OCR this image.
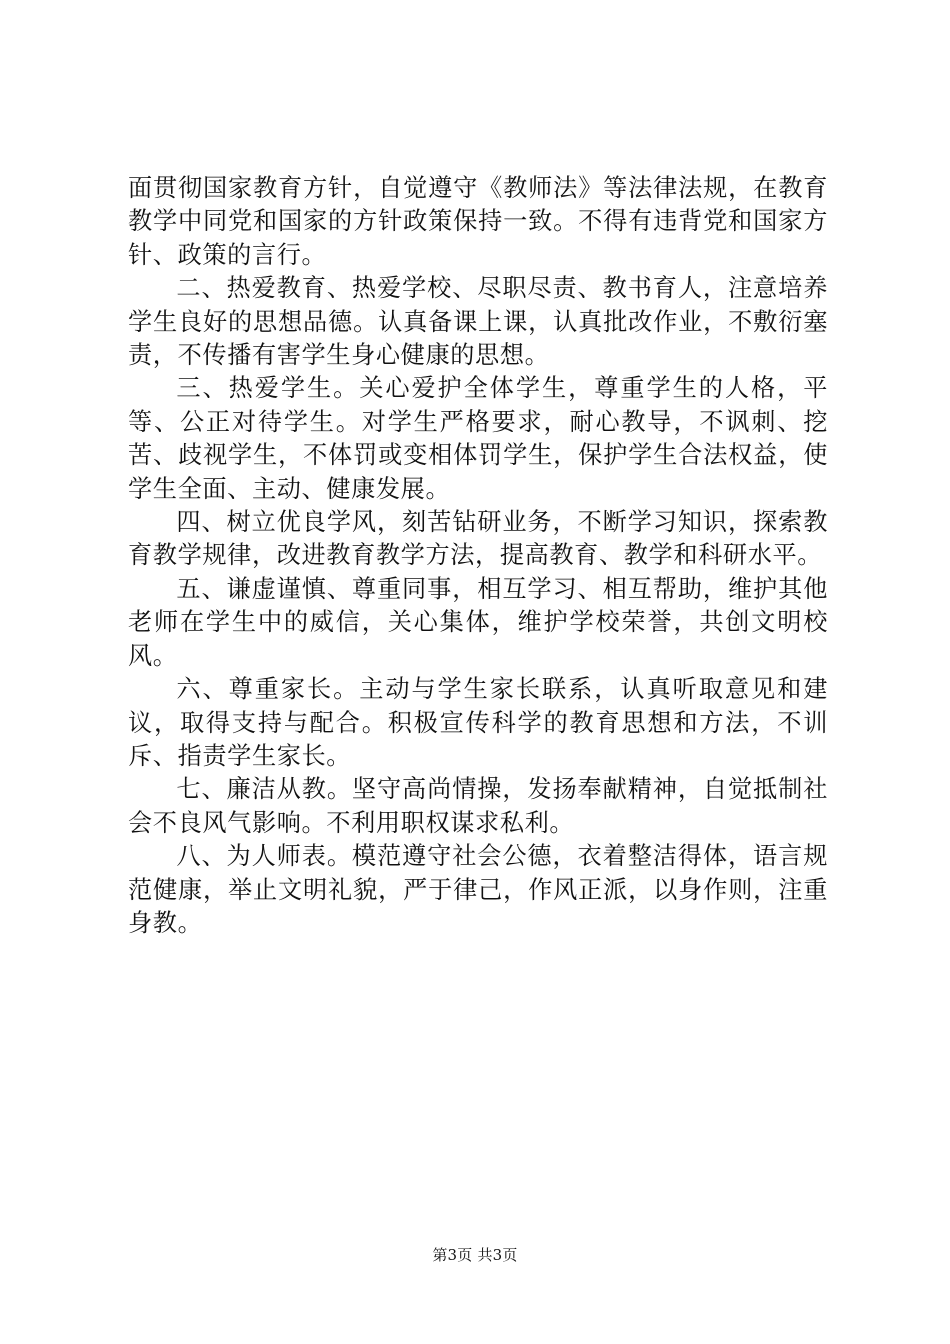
面贯彻国家教育方针，自觉遵守《教师法》等法律法规，在教育教学中同党和国家的方针政策保持一致。不得有违背党和国家方针、政策的言行。

二、热爱教育、热爱学校、尽职尽责、教书育人，注意培养学生良好的思想品德。认真备课上课，认真批改作业，不敷衍塞责，不传播有害学生身心健康的思想。

三、热爱学生。关心爱护全体学生，尊重学生的人格，平等、公正对待学生。对学生严格要求，耐心教导，不讽刺、挖苦、歧视学生，不体罚或变相体罚学生，保护学生合法权益，使学生全面、主动、健康发展。

四、树立优良学风，刻苦钻研业务，不断学习知识，探索教育教学规律，改进教育教学方法，提高教育、教学和科研水平。

五、谦虚谨慎、尊重同事，相互学习、相互帮助，维护其他老师在学生中的威信，关心集体，维护学校荣誉，共创文明校风。

六、尊重家长。主动与学生家长联系，认真听取意见和建议，取得支持与配合。积极宣传科学的教育思想和方法，不训斥、指责学生家长。

七、廉洁从教。坚守高尚情操，发扬奉献精神，自觉抵制社会不良风气影响。不利用职权谋求私利。

八、为人师表。模范遵守社会公德，衣着整洁得体，语言规范健康，举止文明礼貌，严于律己，作风正派，以身作则，注重身教。

第3页 共3页
